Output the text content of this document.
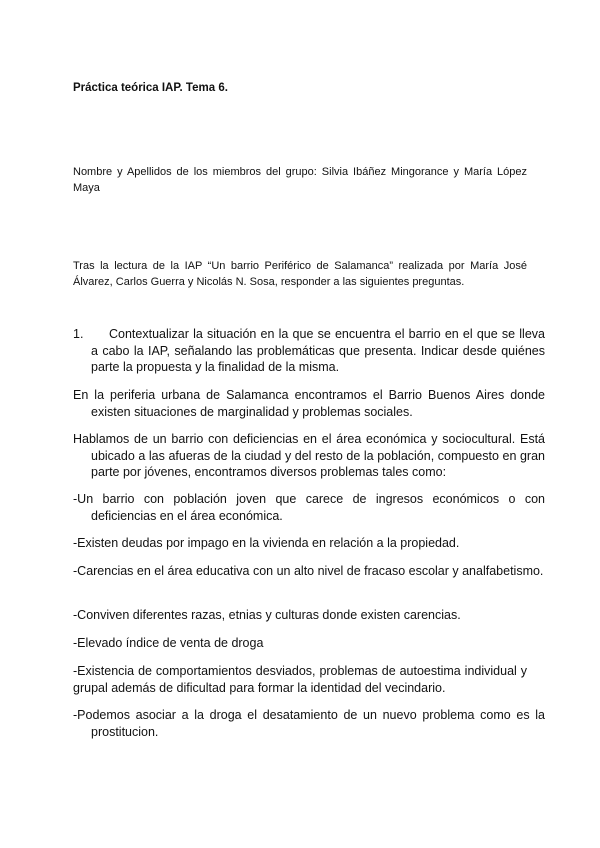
Práctica teórica IAP. Tema 6.

Nombre y Apellidos de los miembros del grupo: Silvia Ibáñez Mingorance y María López Maya

Tras la lectura de la IAP “Un barrio Periférico de Salamanca” realizada por María José Álvarez, Carlos Guerra y Nicolás N. Sosa, responder a las siguientes preguntas.

1.	Contextualizar la situación en la que se encuentra el barrio en el que se lleva a cabo la IAP, señalando las problemáticas que presenta. Indicar desde quiénes parte la propuesta y la finalidad de la misma.

En la periferia urbana de Salamanca encontramos el Barrio Buenos Aires donde existen situaciones de marginalidad y problemas sociales.

Hablamos de un barrio con deficiencias en el área económica y sociocultural. Está ubicado a las afueras de la ciudad y del resto de la población, compuesto en gran parte por jóvenes, encontramos diversos problemas tales como:

-Un barrio con población joven que carece de ingresos económicos o con deficiencias en el área económica.

-Existen deudas por impago en la vivienda en relación a la propiedad.

-Carencias en el área educativa con un alto nivel de fracaso escolar y analfabetismo.

-Conviven diferentes razas, etnias y culturas donde existen carencias.

-Elevado índice de venta de droga

-Existencia de comportamientos desviados, problemas de autoestima individual y grupal además de dificultad para formar la identidad del vecindario.

-Podemos asociar a la droga el desatamiento de un nuevo problema como es la prostitucion.
